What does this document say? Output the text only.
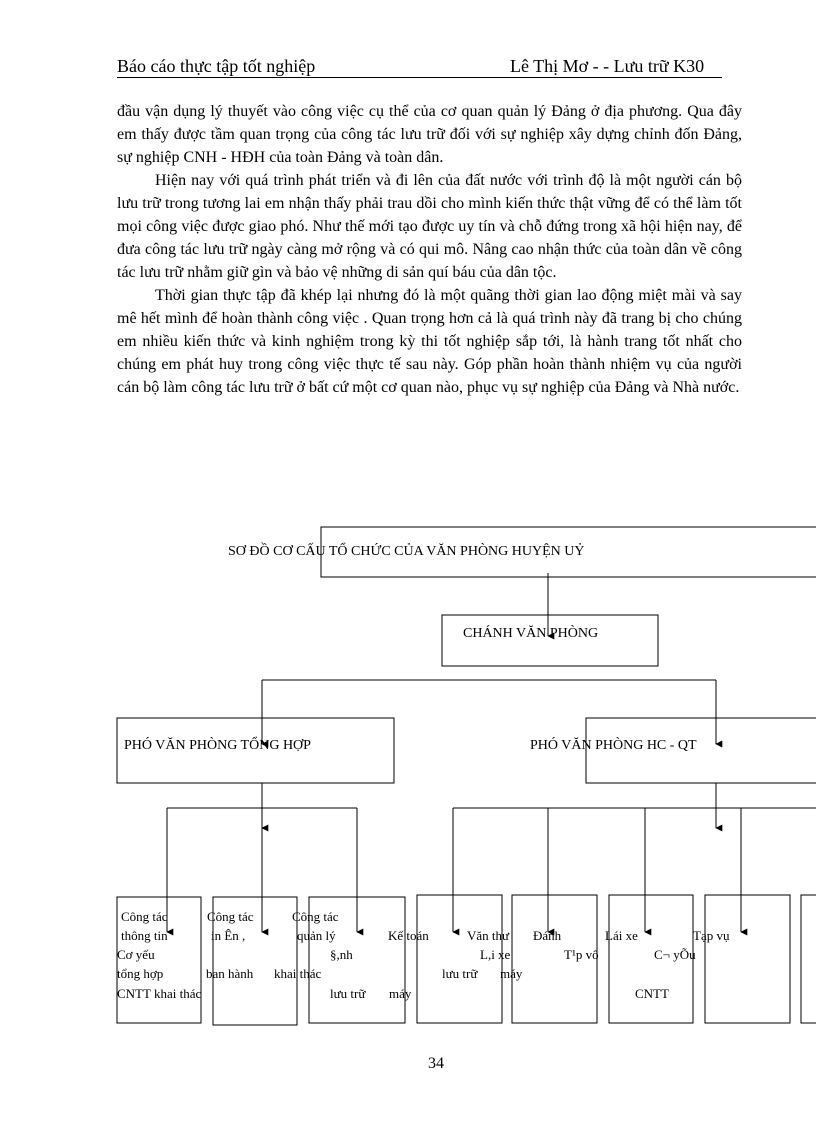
Báo cáo thực tập tốt nghiệp	Lê Thị Mơ - - Lưu trữ K30

đầu vận dụng lý thuyết vào công việc cụ thể của cơ quan quản lý Đảng ở địa phương. Qua đây em thấy được tầm quan trọng của công tác lưu trữ đối với sự nghiệp xây dựng chỉnh đốn Đảng, sự nghiệp CNH - HĐH của toàn Đảng và toàn dân.

Hiện nay với quá trình phát triển và đi lên của đất nước với trình độ là một người cán bộ lưu trữ trong tương lai em nhận thấy phải trau dồi cho mình kiến thức thật vững để có thể làm tốt mọi công việc được giao phó. Như thế mới tạo được uy tín và chỗ đứng trong xã hội hiện nay, để đưa công tác lưu trữ ngày càng mở rộng và có qui mô. Nâng cao nhận thức của toàn dân về công tác lưu trữ nhằm giữ gìn và bảo vệ những di sản quí báu của dân tộc.

Thời gian thực tập đã khép lại nhưng đó là một quãng thời gian lao động miệt mài và say mê hết mình để hoàn thành công việc . Quan trọng hơn cả là quá trình này đã trang bị cho chúng em nhiều kiến thức và kinh nghiệm trong kỳ thi tốt nghiệp sắp tới, là hành trang tốt nhất cho chúng em phát huy trong công việc thực tế sau này. Góp phần hoàn thành nhiệm vụ của người cán bộ làm công tác lưu trữ ở bất cứ một cơ quan nào, phục vụ sự nghiệp của Đảng và Nhà nước.

SƠ ĐỒ CƠ CẤU TỔ CHỨC CỦA VĂN PHÒNG HUYỆN UỶ
CHÁNH VĂN PHÒNG
PHÓ VĂN PHÒNG TỔNG HỢP	PHÓ VĂN PHÒNG HC - QT
Công tác
thông tin
Cơ yếu
tổng hợp
CNTT khai thác
Công tác
in Ên ,
ban hành
Công tác
quản lý
§,nh
khai thác
lưu trữ máy
Kế toán	Văn thư
lưu trữ
Đánh
L,i xe	T¹p vô
máy
Lái xe
C¬ yÕu
CNTT
Tạp vụ
34
